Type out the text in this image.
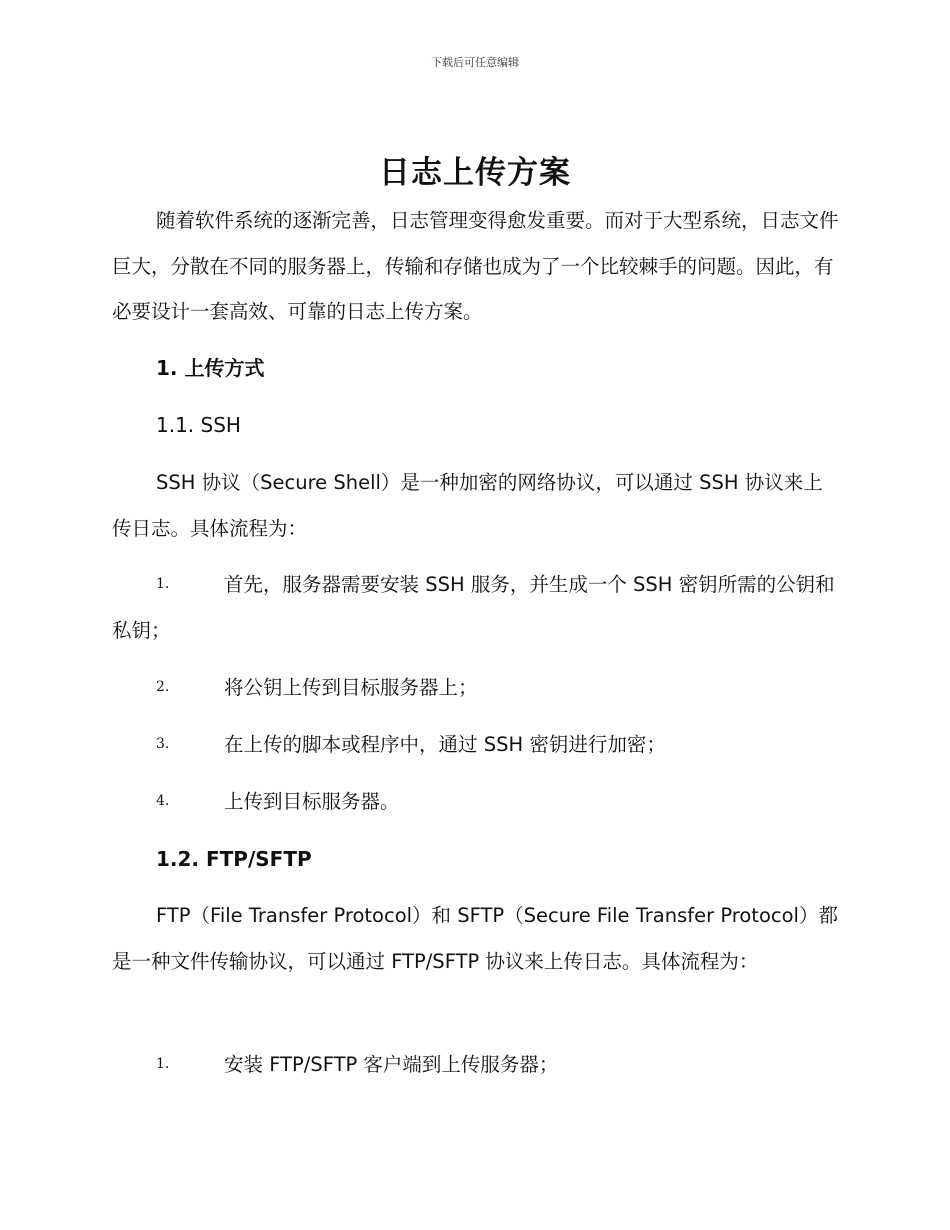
下载后可任意编辑
日志上传方案

随着软件系统的逐渐完善，日志管理变得愈发重要。而对于大型系统，日志文件巨大，分散在不同的服务器上，传输和存储也成为了一个比较棘手的问题。因此，有必要设计一套高效、可靠的日志上传方案。

1. 上传方式
1.1. SSH

SSH 协议（Secure Shell）是一种加密的网络协议，可以通过 SSH 协议来上传日志。具体流程为：

1.	首先，服务器需要安装 SSH 服务，并生成一个 SSH 密钥所需的公钥和私钥；
2.	将公钥上传到目标服务器上；
3.	在上传的脚本或程序中，通过 SSH 密钥进行加密；
4.	上传到目标服务器。
1.2. FTP/SFTP

FTP（File Transfer Protocol）和 SFTP（Secure File Transfer Protocol）都是一种文件传输协议，可以通过 FTP/SFTP 协议来上传日志。具体流程为：

1.	安装 FTP/SFTP 客户端到上传服务器；
